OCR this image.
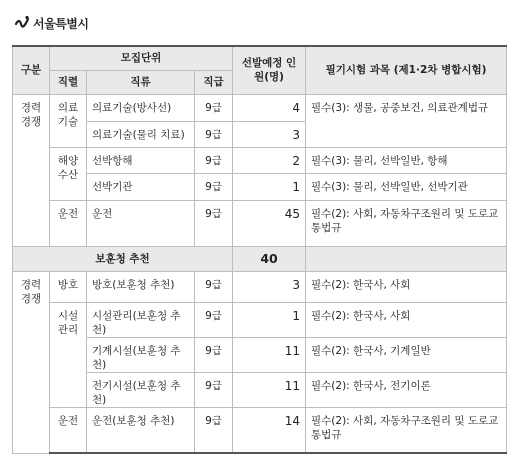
서울특별시
구분	모집단위			선발예정 인원(명)	필기시험 과목 (제1·2차 병합시험)
	직렬	직류	직급		
경력 경쟁	의료 기술	의료기술(방사선)	9급	4	필수(3): 생물, 공중보건, 의료관계법규
		의료기술(물리 치료)	9급	3	
	해양 수산	선박항해	9급	2	필수(3): 물리, 선박일반, 항해
		선박기관	9급	1	필수(3): 물리, 선박일반, 선박기관
	운전	운전	9급	45	필수(2): 사회, 자동차구조원리 및 도로교통법규
보훈청 추천				40	
경력 경쟁	방호	방호(보훈청 추천)	9급	3	필수(2): 한국사, 사회
	시설 관리	시설관리(보훈청 추천)	9급	1	필수(2): 한국사, 사회
		기계시설(보훈청 추천)	9급	11	필수(2): 한국사, 기계일반
		전기시설(보훈청 추천)	9급	11	필수(2): 한국사, 전기이론
	운전	운전(보훈청 추천)	9급	14	필수(2): 사회, 자동차구조원리 및 도로교통법규
